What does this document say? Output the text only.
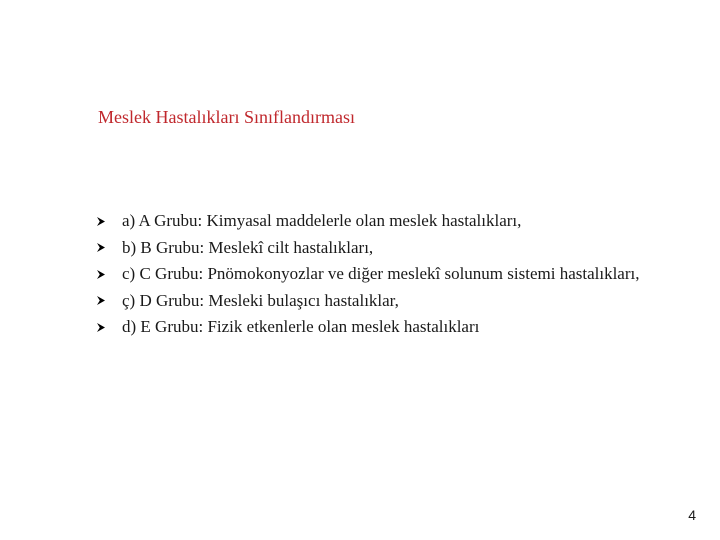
Meslek Hastalıkları Sınıflandırması
a) A Grubu: Kimyasal maddelerle olan meslek hastalıkları,
b) B Grubu: Meslekî cilt hastalıkları,
c) C Grubu: Pnömokonyozlar ve diğer meslekî solunum sistemi hastalıkları,
ç) D Grubu: Mesleki bulaşıcı hastalıklar,
d) E Grubu: Fizik etkenlerle olan meslek hastalıkları
4
